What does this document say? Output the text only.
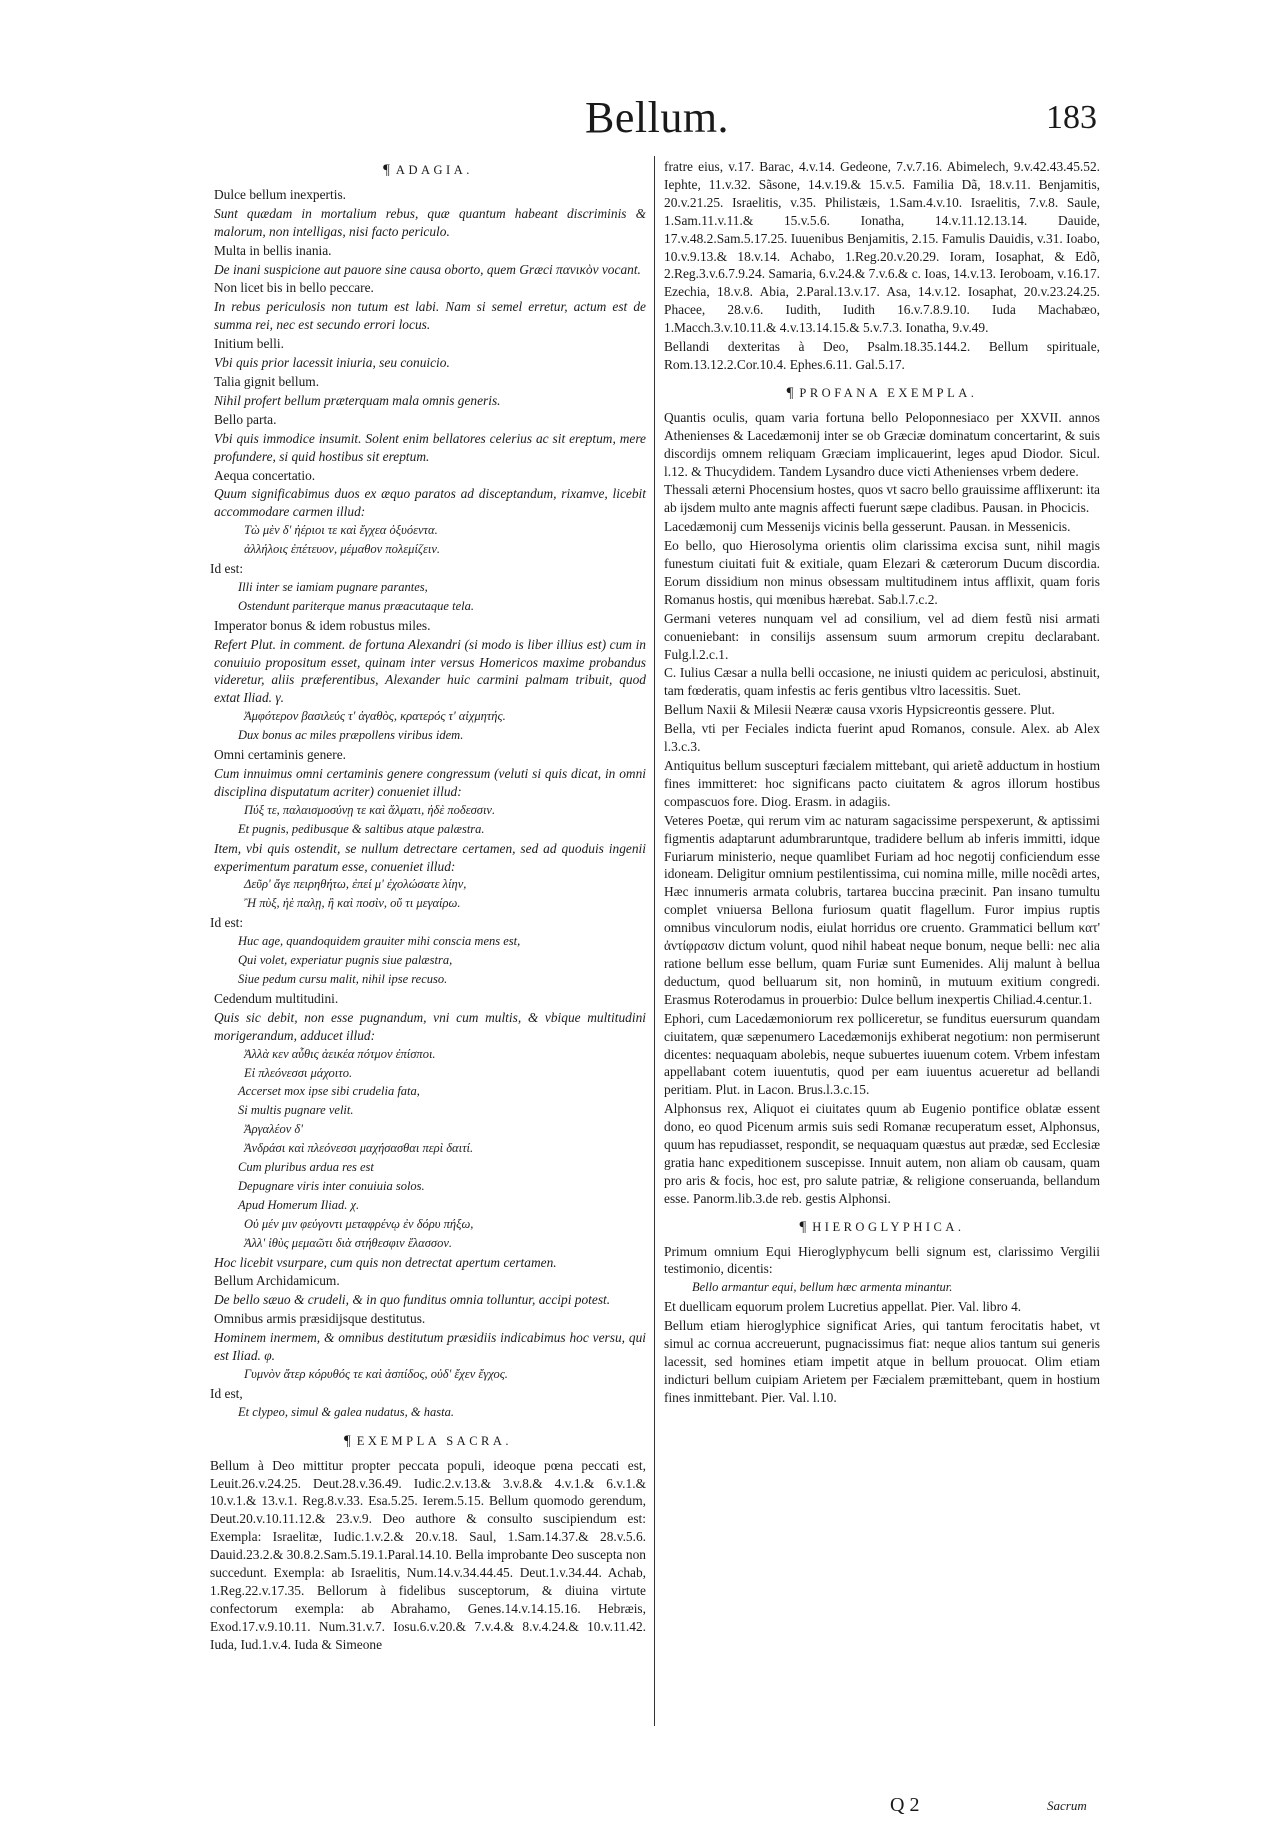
Bellum.	183
¶ ADAGIA.

Dulce bellum inexpertis.

Sunt quædam in mortalium rebus, quæ quantum habeant discriminis & malorum, non intelligas, nisi facto periculo.

Multa in bellis inania.

De inani suspicione aut pauore sine causa oborto, quem Græci πανικὸν vocant.

Non licet bis in bello peccare.

In rebus periculosis non tutum est labi. Nam si semel erretur, actum est de summa rei, nec est secundo errori locus.

Initium belli.

Vbi quis prior lacessit iniuria, seu conuicio.

Talia gignit bellum.

Nihil profert bellum præterquam mala omnis generis.

Bello parta.

Vbi quis immodice insumit. Solent enim bellatores celerius ac sit ereptum, mere profundere, si quid hostibus sit ereptum.

Aequa concertatio.

Quum significabimus duos ex æquo paratos ad disceptandum, rixamve, licebit accommodare carmen illud:

Τὼ μὲν δ' ἠέριοι τε καὶ ἔγχεα ὀξυόεντα.

ἀλλήλοις ἐπέτευον, μέμαθον πολεμίζειν.

Id est:

Illi inter se iamiam pugnare parantes,

Ostendunt pariterque manus præacutaque tela.

Imperator bonus & idem robustus miles.

Refert Plut. in comment. de fortuna Alexandri (si modo is liber illius est) cum in conuiuio propositum esset, quinam inter versus Homericos maxime probandus videretur, aliis præferentibus, Alexander huic carmini palmam tribuit, quod extat Iliad. γ.

Ἀμφότερον βασιλεύς τ' ἀγαθὸς, κρατερός τ' αἰχμητής.

Dux bonus ac miles præpollens viribus idem.

Omni certaminis genere.

Cum innuimus omni certaminis genere congressum (veluti si quis dicat, in omni disciplina disputatum acriter) conueniet illud:

Πύξ τε, παλαισμοσύνῃ τε καὶ ἅλματι, ἠδὲ ποδεσσιν.

Et pugnis, pedibusque & saltibus atque palæstra.

Item, vbi quis ostendit, se nullum detrectare certamen, sed ad quoduis ingenii experimentum paratum esse, conueniet illud:

Δεῦρ' ἄγε πειρηθήτω, ἐπεί μ' ἐχολώσατε λίην,

Ἢ πὺξ, ἠὲ παλῃ, ἢ καὶ ποσὶν, οὔ τι μεγαίρω.

Id est:

Huc age, quandoquidem grauiter mihi conscia mens est,

Qui volet, experiatur pugnis siue palæstra,

Siue pedum cursu malit, nihil ipse recuso.

Cedendum multitudini.

Quis sic debit, non esse pugnandum, vni cum multis, & vbique multitudini morigerandum, adducet illud:

Ἀλλὰ κεν αὖθις ἀεικέα πότμον ἐπίσποι.

Εἰ πλεόνεσσι μάχοιτο.

Accerset mox ipse sibi crudelia fata,

Si multis pugnare velit.

Ἀργαλέον δ'

Ἀνδράσι καὶ πλεόνεσσι μαχήσασθαι περὶ δαιτί.

Cum pluribus ardua res est

Depugnare viris inter conuiuia solos.

Apud Homerum Iliad. χ.

Οὐ μέν μιν φεύγοντι μεταφρένῳ ἐν δόρυ πήξω,

Ἀλλ' ἰθὺς μεμαῶτι διὰ στήθεσφιν ἔλασσον.

Hoc licebit vsurpare, cum quis non detrectat apertum certamen.

Bellum Archidamicum.

De bello sæuo & crudeli, & in quo funditus omnia tolluntur, accipi potest.

Omnibus armis præsidijsque destitutus.

Hominem inermem, & omnibus destitutum præsidiis indicabimus hoc versu, qui est Iliad. φ.

Γυμνὸν ἄτερ κόρυθός τε καὶ ἀσπίδος, οὐδ' ἔχεν ἔγχος.

Id est,

Et clypeo, simul & galea nudatus, & hasta.

¶ EXEMPLA SACRA.

Bellum à Deo mittitur propter peccata populi, ideoque pœna peccati est, Leuit.26.v.24.25. Deut.28.v.36.49. Iudic.2.v.13.& 3.v.8.& 4.v.1.& 6.v.1.& 10.v.1.& 13.v.1. Reg.8.v.33. Esa.5.25. Ierem.5.15. Bellum quomodo gerendum, Deut.20.v.10.11.12.& 23.v.9. Deo authore & consulto suscipiendum est: Exempla: Israelitæ, Iudic.1.v.2.& 20.v.18. Saul, 1.Sam.14.37.& 28.v.5.6. Dauid.23.2.& 30.8.2.Sam.5.19.1.Paral.14.10. Bella improbante Deo suscepta non succedunt. Exempla: ab Israelitis, Num.14.v.34.44.45. Deut.1.v.34.44. Achab, 1.Reg.22.v.17.35. Bellorum à fidelibus susceptorum, & diuina virtute confectorum exempla: ab Abrahamo, Genes.14.v.14.15.16. Hebræis, Exod.17.v.9.10.11. Num.31.v.7. Iosu.6.v.20.& 7.v.4.& 8.v.4.24.& 10.v.11.42. Iuda, Iud.1.v.4. Iuda & Simeone

fratre eius, v.17. Barac, 4.v.14. Gedeone, 7.v.7.16. Abimelech, 9.v.42.43.45.52. Iephte, 11.v.32. Sãsone, 14.v.19.& 15.v.5. Familia Dã, 18.v.11. Benjamitis, 20.v.21.25. Israelitis, v.35. Philistæis, 1.Sam.4.v.10. Israelitis, 7.v.8. Saule, 1.Sam.11.v.11.& 15.v.5.6. Ionatha, 14.v.11.12.13.14. Dauide, 17.v.48.2.Sam.5.17.25. Iuuenibus Benjamitis, 2.15. Famulis Dauidis, v.31. Ioabo, 10.v.9.13.& 18.v.14. Achabo, 1.Reg.20.v.20.29. Ioram, Iosaphat, & Edõ, 2.Reg.3.v.6.7.9.24. Samaria, 6.v.24.& 7.v.6.& c. Ioas, 14.v.13. Ieroboam, v.16.17. Ezechia, 18.v.8. Abia, 2.Paral.13.v.17. Asa, 14.v.12. Iosaphat, 20.v.23.24.25. Phacee, 28.v.6. Iudith, Iudith 16.v.7.8.9.10. Iuda Machabæo, 1.Macch.3.v.10.11.& 4.v.13.14.15.& 5.v.7.3. Ionatha, 9.v.49.

Bellandi dexteritas à Deo, Psalm.18.35.144.2. Bellum spirituale, Rom.13.12.2.Cor.10.4. Ephes.6.11. Gal.5.17.

¶ PROFANA EXEMPLA.

Quantis oculis, quam varia fortuna bello Peloponnesiaco per XXVII. annos Athenienses & Lacedæmonij inter se ob Græciæ dominatum concertarint, & suis discordijs omnem reliquam Græciam implicauerint, leges apud Diodor. Sicul. l.12. & Thucydidem. Tandem Lysandro duce victi Athenienses vrbem dedere.

Thessali æterni Phocensium hostes, quos vt sacro bello grauissime afflixerunt: ita ab ijsdem multo ante magnis affecti fuerunt sæpe cladibus. Pausan. in Phocicis.

Lacedæmonij cum Messenijs vicinis bella gesserunt. Pausan. in Messenicis.

Eo bello, quo Hierosolyma orientis olim clarissima excisa sunt, nihil magis funestum ciuitati fuit & exitiale, quam Elezari & cæterorum Ducum discordia. Eorum dissidium non minus obsessam multitudinem intus afflixit, quam foris Romanus hostis, qui mœnibus hærebat. Sab.l.7.c.2.

Germani veteres nunquam vel ad consilium, vel ad diem festũ nisi armati conueniebant: in consilijs assensum suum armorum crepitu declarabant. Fulg.l.2.c.1.

C. Iulius Cæsar a nulla belli occasione, ne iniusti quidem ac periculosi, abstinuit, tam fœderatis, quam infestis ac feris gentibus vltro lacessitis. Suet.

Bellum Naxii & Milesii Neæræ causa vxoris Hypsicreontis gessere. Plut.

Bella, vti per Feciales indicta fuerint apud Romanos, consule. Alex. ab Alex l.3.c.3.

Antiquitus bellum suscepturi fæcialem mittebant, qui arietẽ adductum in hostium fines immitteret: hoc significans pacto ciuitatem & agros illorum hostibus compascuos fore. Diog. Erasm. in adagiis.

Veteres Poetæ, qui rerum vim ac naturam sagacissime perspexerunt, & aptissimi figmentis adaptarunt adumbraruntque, tradidere bellum ab inferis immitti, idque Furiarum ministerio, neque quamlibet Furiam ad hoc negotij conficiendum esse idoneam. Deligitur omnium pestilentissima, cui nomina mille, mille nocẽdi artes, Hæc innumeris armata colubris, tartarea buccina præcinit. Pan insano tumultu complet vniuersa Bellona furiosum quatit flagellum. Furor impius ruptis omnibus vinculorum nodis, eiulat horridus ore cruento. Grammatici bellum κατ' ἀντίφρασιν dictum volunt, quod nihil habeat neque bonum, neque belli: nec alia ratione bellum esse bellum, quam Furiæ sunt Eumenides. Alij malunt à bellua deductum, quod belluarum sit, non hominũ, in mutuum exitium congredi. Erasmus Roterodamus in prouerbio: Dulce bellum inexpertis Chiliad.4.centur.1.

Ephori, cum Lacedæmoniorum rex polliceretur, se funditus euersurum quandam ciuitatem, quæ sæpenumero Lacedæmonijs exhiberat negotium: non permiserunt dicentes: nequaquam abolebis, neque subuertes iuuenum cotem. Vrbem infestam appellabant cotem iuuentutis, quod per eam iuuentus acueretur ad bellandi peritiam. Plut. in Lacon. Brus.l.3.c.15.

Alphonsus rex, Aliquot ei ciuitates quum ab Eugenio pontifice oblatæ essent dono, eo quod Picenum armis suis sedi Romanæ recuperatum esset, Alphonsus, quum has repudiasset, respondit, se nequaquam quæstus aut prædæ, sed Ecclesiæ gratia hanc expeditionem suscepisse. Innuit autem, non aliam ob causam, quam pro aris & focis, hoc est, pro salute patriæ, & religione conseruanda, bellandum esse. Panorm.lib.3.de reb. gestis Alphonsi.

¶ HIEROGLYPHICA.

Primum omnium Equi Hieroglyphycum belli signum est, clarissimo Vergilii testimonio, dicentis:

Bello armantur equi, bellum hæc armenta minantur.

Et duellicam equorum prolem Lucretius appellat. Pier. Val. libro 4.

Bellum etiam hieroglyphice significat Aries, qui tantum ferocitatis habet, vt simul ac cornua accreuerunt, pugnacissimus fiat: neque alios tantum sui generis lacessit, sed homines etiam impetit atque in bellum prouocat. Olim etiam indicturi bellum cuipiam Arietem per Fæcialem præmittebant, quem in hostium fines inmittebant. Pier. Val. l.10.

Q 2	Sacrum
